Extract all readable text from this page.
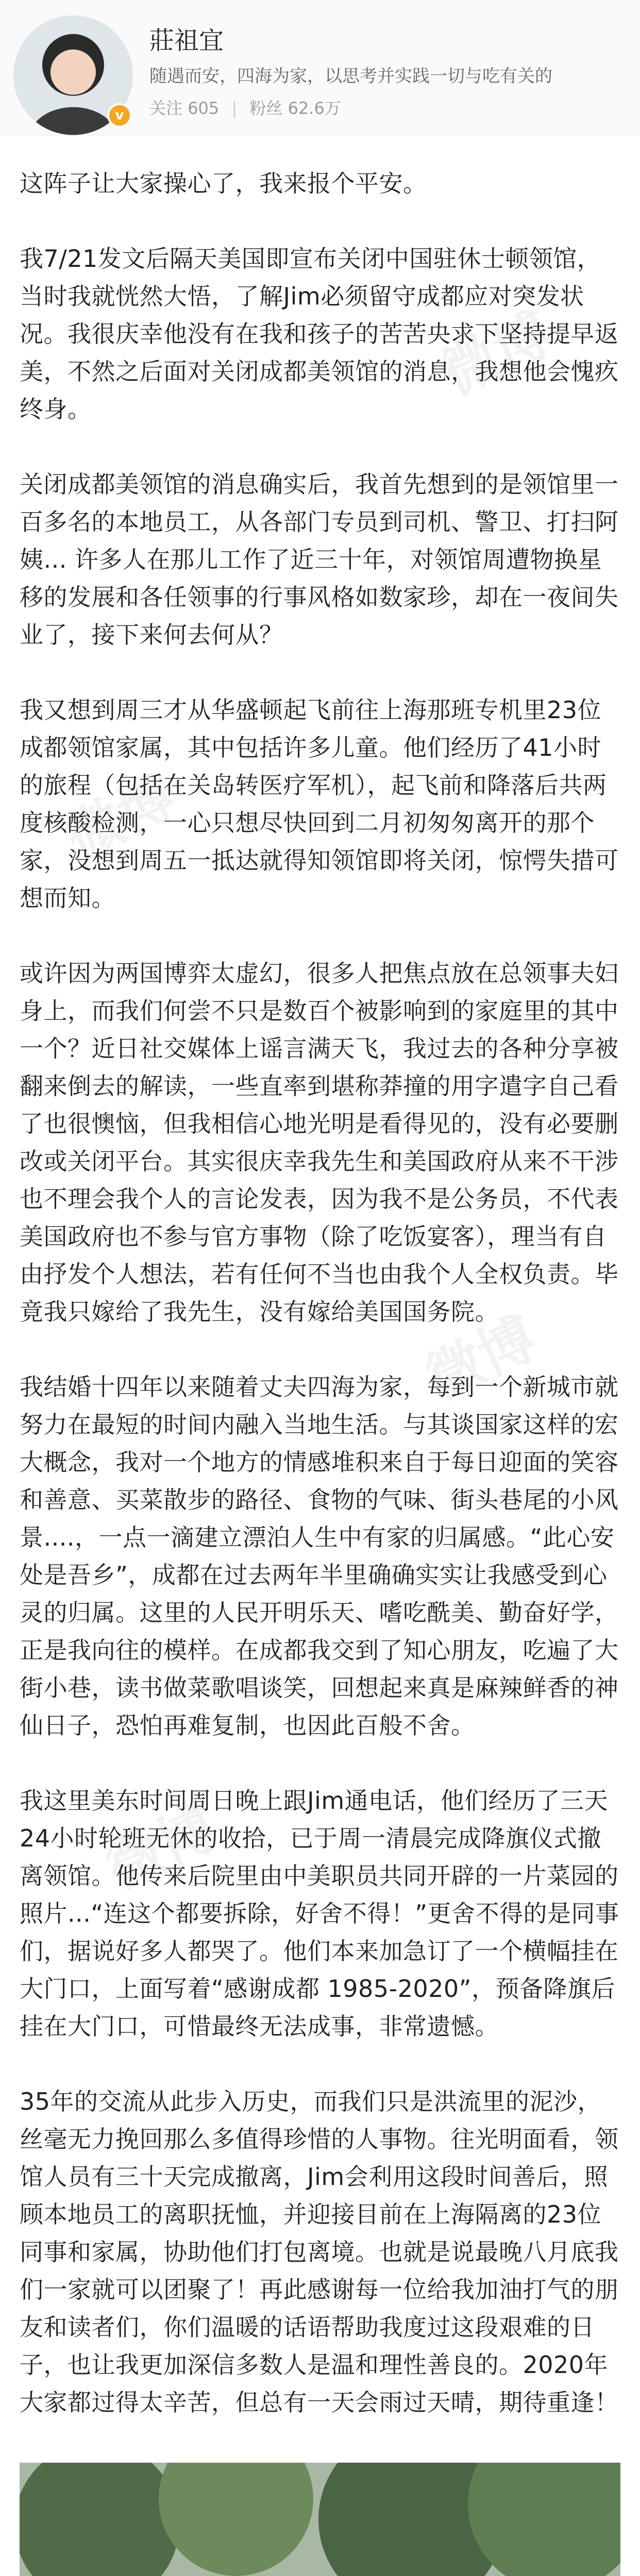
v
莊祖宜
随遇而安，四海为家，以思考并实践一切与吃有关的
关注 605 | 粉丝 62.6万

这阵子让大家操心了，我来报个平安。

我7/21发文后隔天美国即宣布关闭中国驻休士顿领馆，当时我就恍然大悟，了解Jim必须留守成都应对突发状况。我很庆幸他没有在我和孩子的苦苦央求下坚持提早返美，不然之后面对关闭成都美领馆的消息，我想他会愧疚终身。

关闭成都美领馆的消息确实后，我首先想到的是领馆里一百多名的本地员工，从各部门专员到司机、警卫、打扫阿姨... 许多人在那儿工作了近三十年，对领馆周遭物换星移的发展和各任领事的行事风格如数家珍，却在一夜间失业了，接下来何去何从？

我又想到周三才从华盛顿起飞前往上海那班专机里23位成都领馆家属，其中包括许多儿童。他们经历了41小时的旅程（包括在关岛转医疗军机），起飞前和降落后共两度核酸检测，一心只想尽快回到二月初匆匆离开的那个家，没想到周五一抵达就得知领馆即将关闭，惊愕失措可想而知。

或许因为两国博弈太虚幻，很多人把焦点放在总领事夫妇身上，而我们何尝不只是数百个被影响到的家庭里的其中一个？近日社交媒体上谣言满天飞，我过去的各种分享被翻来倒去的解读，一些直率到堪称莽撞的用字遣字自己看了也很懊恼，但我相信心地光明是看得见的，没有必要删改或关闭平台。其实很庆幸我先生和美国政府从来不干涉也不理会我个人的言论发表，因为我不是公务员，不代表美国政府也不参与官方事物（除了吃饭宴客），理当有自由抒发个人想法，若有任何不当也由我个人全权负责。毕竟我只嫁给了我先生，没有嫁给美国国务院。

我结婚十四年以来随着丈夫四海为家，每到一个新城市就努力在最短的时间内融入当地生活。与其谈国家这样的宏大概念，我对一个地方的情感堆积来自于每日迎面的笑容和善意、买菜散步的路径、食物的气味、街头巷尾的小风景....，一点一滴建立漂泊人生中有家的归属感。“此心安处是吾乡”，成都在过去两年半里确确实实让我感受到心灵的归属。这里的人民开明乐天、嗜吃酰美、勤奋好学，正是我向往的模样。在成都我交到了知心朋友，吃遍了大街小巷，读书做菜歌唱谈笑，回想起来真是麻辣鲜香的神仙日子，恐怕再难复制，也因此百般不舍。

我这里美东时间周日晚上跟Jim通电话，他们经历了三天24小时轮班无休的收拾，已于周一清晨完成降旗仪式撤离领馆。他传来后院里由中美职员共同开辟的一片菜园的照片...“连这个都要拆除，好舍不得！”更舍不得的是同事们，据说好多人都哭了。他们本来加急订了一个横幅挂在大门口，上面写着“感谢成都 1985-2020”，预备降旗后挂在大门口，可惜最终无法成事，非常遗憾。

35年的交流从此步入历史，而我们只是洪流里的泥沙，丝毫无力挽回那么多值得珍惜的人事物。往光明面看，领馆人员有三十天完成撤离，Jim会利用这段时间善后，照顾本地员工的离职抚恤，并迎接目前在上海隔离的23位同事和家属，协助他们打包离境。也就是说最晚八月底我们一家就可以团聚了！再此感谢每一位给我加油打气的朋友和读者们，你们温暖的话语帮助我度过这段艰难的日子，也让我更加深信多数人是温和理性善良的。2020年大家都过得太辛苦，但总有一天会雨过天晴，期待重逢！

微博
微博
微博
微博
